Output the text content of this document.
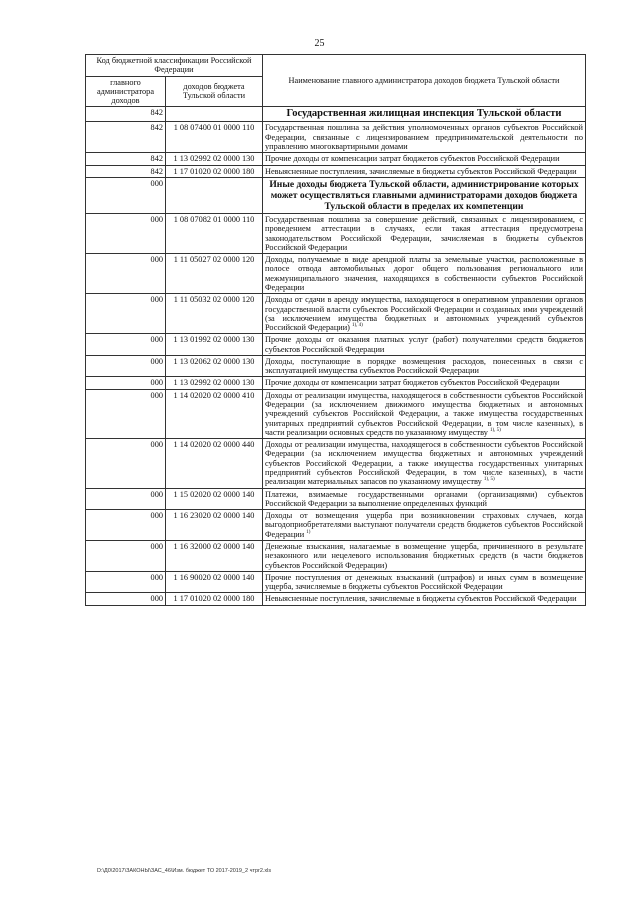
25
Код бюджетной классификации Российской Федерации		Наименование главного администратора доходов бюджета Тульской области
главного администратора доходов	доходов бюджета Тульской области	
842		Государственная жилищная инспекция Тульской области
842	1 08 07400 01 0000 110	Государственная пошлина за действия уполномоченных органов субъектов Российской Федерации, связанные с лицензированием предпринимательской деятельности по управлению многоквартирными домами
842	1 13 02992 02 0000 130	Прочие доходы от компенсации затрат бюджетов субъектов Российской Федерации
842	1 17 01020 02 0000 180	Невыясненные поступления, зачисляемые в бюджеты субъектов Российской Федерации
000		Иные доходы бюджета Тульской области, администрирование которых может осуществляться главными администраторами доходов бюджета Тульской области в пределах их компетенции
000	1 08 07082 01 0000 110	Государственная пошлина за совершение действий, связанных с лицензированием, с проведением аттестации в случаях, если такая аттестация предусмотрена законодательством Российской Федерации, зачисляемая в бюджеты субъектов Российской Федерации
000	1 11 05027 02 0000 120	Доходы, получаемые в виде арендной платы за земельные участки, расположенные в полосе отвода автомобильных дорог общего пользования регионального или межмуниципального значения, находящихся в собственности субъектов Российской Федерации
000	1 11 05032 02 0000 120	Доходы от сдачи в аренду имущества, находящегося в оперативном управлении органов государственной власти субъектов Российской Федерации и созданных ими учреждений (за исключением имущества бюджетных и автономных учреждений субъектов Российской Федерации) $^{1), 4)}$
000	1 13 01992 02 0000 130	Прочие доходы от оказания платных услуг (работ) получателями средств бюджетов субъектов Российской Федерации
000	1 13 02062 02 0000 130	Доходы, поступающие в порядке возмещения расходов, понесенных в связи с эксплуатацией имущества субъектов Российской Федерации
000	1 13 02992 02 0000 130	Прочие доходы от компенсации затрат бюджетов субъектов Российской Федерации
000	1 14 02020 02 0000 410	Доходы от реализации имущества, находящегося в собственности субъектов Российской Федерации (за исключением движимого имущества бюджетных и автономных учреждений субъектов Российской Федерации, а также имущества государственных унитарных предприятий субъектов Российской Федерации, в том числе казенных), в части реализации основных средств по указанному имуществу $^{1), 5)}$
000	1 14 02020 02 0000 440	Доходы от реализации имущества, находящегося в собственности субъектов Российской Федерации (за исключением имущества бюджетных и автономных учреждений субъектов Российской Федерации, а также имущества государственных унитарных предприятий субъектов Российской Федерации, в том числе казенных), в части реализации материальных запасов по указанному имуществу $^{1), 5)}$
000	1 15 02020 02 0000 140	Платежи, взимаемые государственными органами (организациями) субъектов Российской Федерации за выполнение определенных функций
000	1 16 23020 02 0000 140	Доходы от возмещения ущерба при возникновении страховых случаев, когда выгодоприобретателями выступают получатели средств бюджетов субъектов Российской Федерации $^{1)}$
000	1 16 32000 02 0000 140	Денежные взыскания, налагаемые в возмещение ущерба, причиненного в результате незаконного или нецелевого использования бюджетных средств (в части бюджетов субъектов Российской Федерации)
000	1 16 90020 02 0000 140	Прочие поступления от денежных взысканий (штрафов) и иных сумм в возмещение ущерба, зачисляемые в бюджеты субъектов Российской Федерации
000	1 17 01020 02 0000 180	Невыясненные поступления, зачисляемые в бюджеты субъектов Российской Федерации
D:\Д0\2017\ЗАКОНЫ\ЗАС_46\Изм. бюджет ТО 2017-2019_2 чтpr2.xls
